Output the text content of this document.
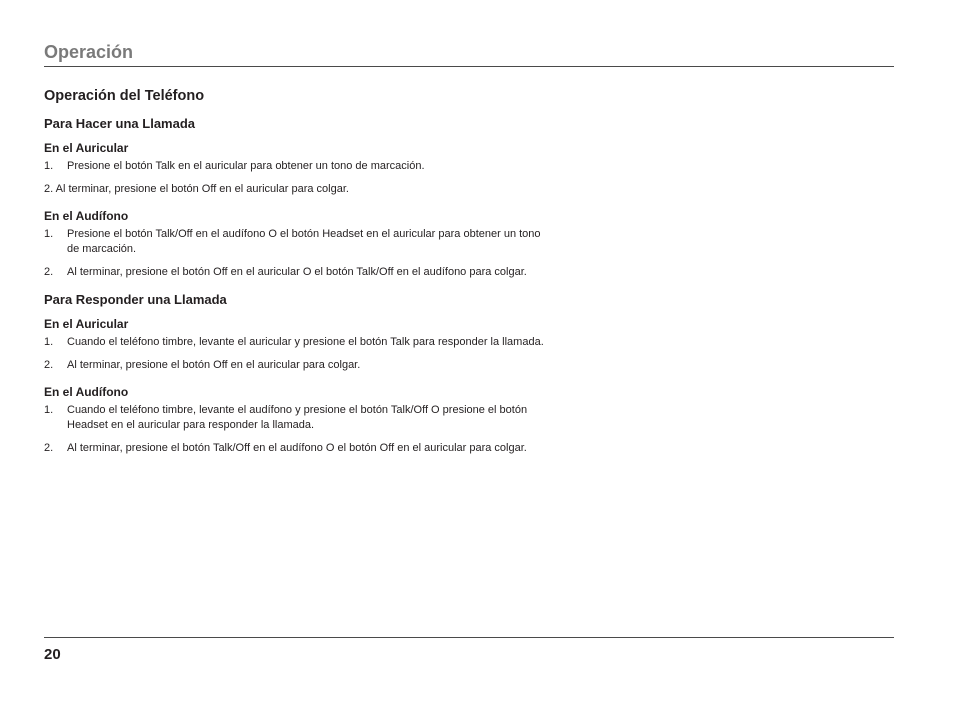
Operación
Operación del Teléfono
Para Hacer una Llamada
En el Auricular
1. Presione el botón Talk en el auricular para obtener un tono de marcación.
2. Al terminar, presione el botón Off en el auricular para colgar.
En el Audífono
1. Presione el botón Talk/Off en el audífono O el botón Headset en el auricular para obtener un tono de marcación.
2. Al terminar, presione el botón Off en el auricular O el botón Talk/Off en el audífono para colgar.
Para Responder una Llamada
En el Auricular
1. Cuando el teléfono timbre, levante el auricular y presione el botón Talk para responder la llamada.
2. Al terminar, presione el botón Off en el auricular para colgar.
En el Audífono
1. Cuando el teléfono timbre, levante el audífono y presione el botón Talk/Off O presione el botón Headset en el auricular para responder la llamada.
2. Al terminar, presione el botón Talk/Off en el audífono O el botón Off en el auricular para colgar.

20
